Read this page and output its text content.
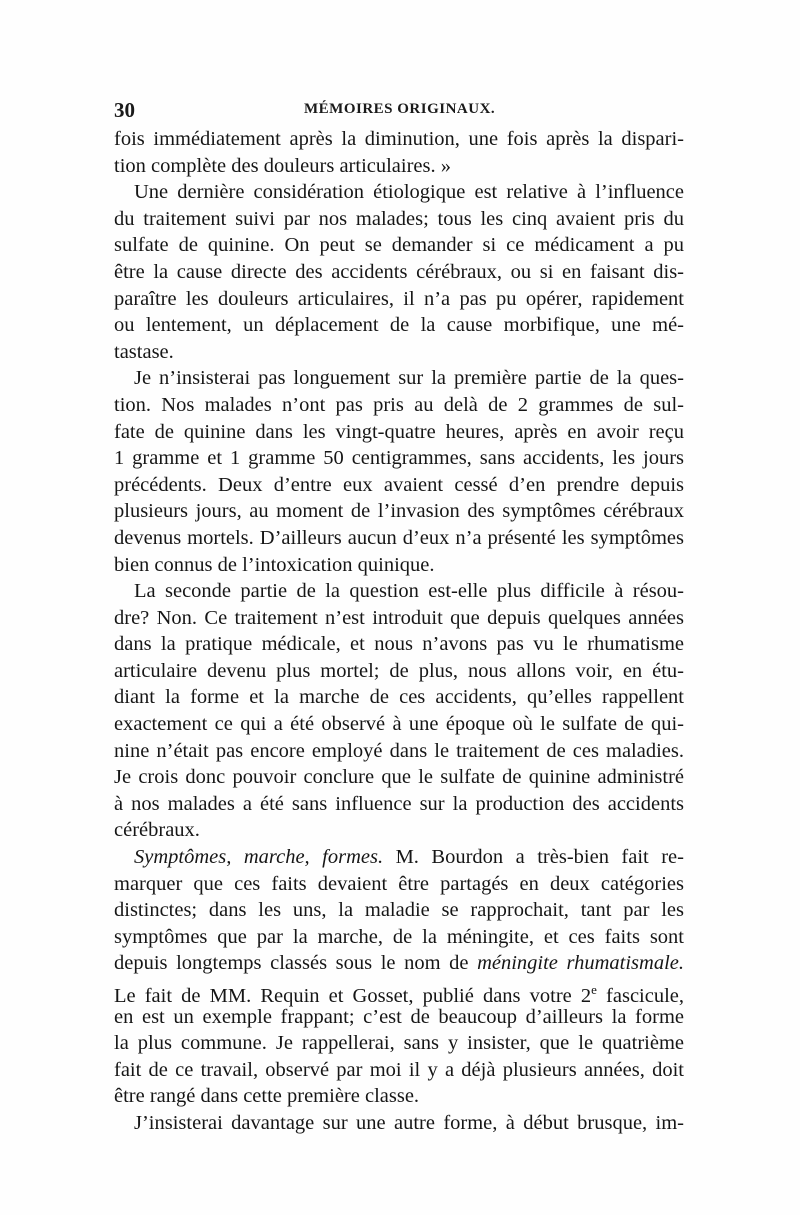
30	MÉMOIRES ORIGINAUX.
fois immédiatement après la diminution, une fois après la dispari-
tion complète des douleurs articulaires. »
Une dernière considération étiologique est relative à l’influence
du traitement suivi par nos malades; tous les cinq avaient pris du
sulfate de quinine. On peut se demander si ce médicament a pu
être la cause directe des accidents cérébraux, ou si en faisant dis-
paraître les douleurs articulaires, il n’a pas pu opérer, rapidement
ou lentement, un déplacement de la cause morbifique, une mé-
tastase.
Je n’insisterai pas longuement sur la première partie de la ques-
tion. Nos malades n’ont pas pris au delà de 2 grammes de sul-
fate de quinine dans les vingt-quatre heures, après en avoir reçu
1 gramme et 1 gramme 50 centigrammes, sans accidents, les jours
précédents. Deux d’entre eux avaient cessé d’en prendre depuis
plusieurs jours, au moment de l’invasion des symptômes cérébraux
devenus mortels. D’ailleurs aucun d’eux n’a présenté les symptômes
bien connus de l’intoxication quinique.
La seconde partie de la question est-elle plus difficile à résou-
dre? Non. Ce traitement n’est introduit que depuis quelques années
dans la pratique médicale, et nous n’avons pas vu le rhumatisme
articulaire devenu plus mortel; de plus, nous allons voir, en étu-
diant la forme et la marche de ces accidents, qu’elles rappellent
exactement ce qui a été observé à une époque où le sulfate de qui-
nine n’était pas encore employé dans le traitement de ces maladies.
Je crois donc pouvoir conclure que le sulfate de quinine administré
à nos malades a été sans influence sur la production des accidents
cérébraux.
Symptômes, marche, formes. M. Bourdon a très-bien fait re-
marquer que ces faits devaient être partagés en deux catégories
distinctes; dans les uns, la maladie se rapprochait, tant par les
symptômes que par la marche, de la méningite, et ces faits sont
depuis longtemps classés sous le nom de méningite rhumatismale.
Le fait de MM. Requin et Gosset, publié dans votre 2e fascicule,
en est un exemple frappant; c’est de beaucoup d’ailleurs la forme
la plus commune. Je rappellerai, sans y insister, que le quatrième
fait de ce travail, observé par moi il y a déjà plusieurs années, doit
être rangé dans cette première classe.
J’insisterai davantage sur une autre forme, à début brusque, im-
